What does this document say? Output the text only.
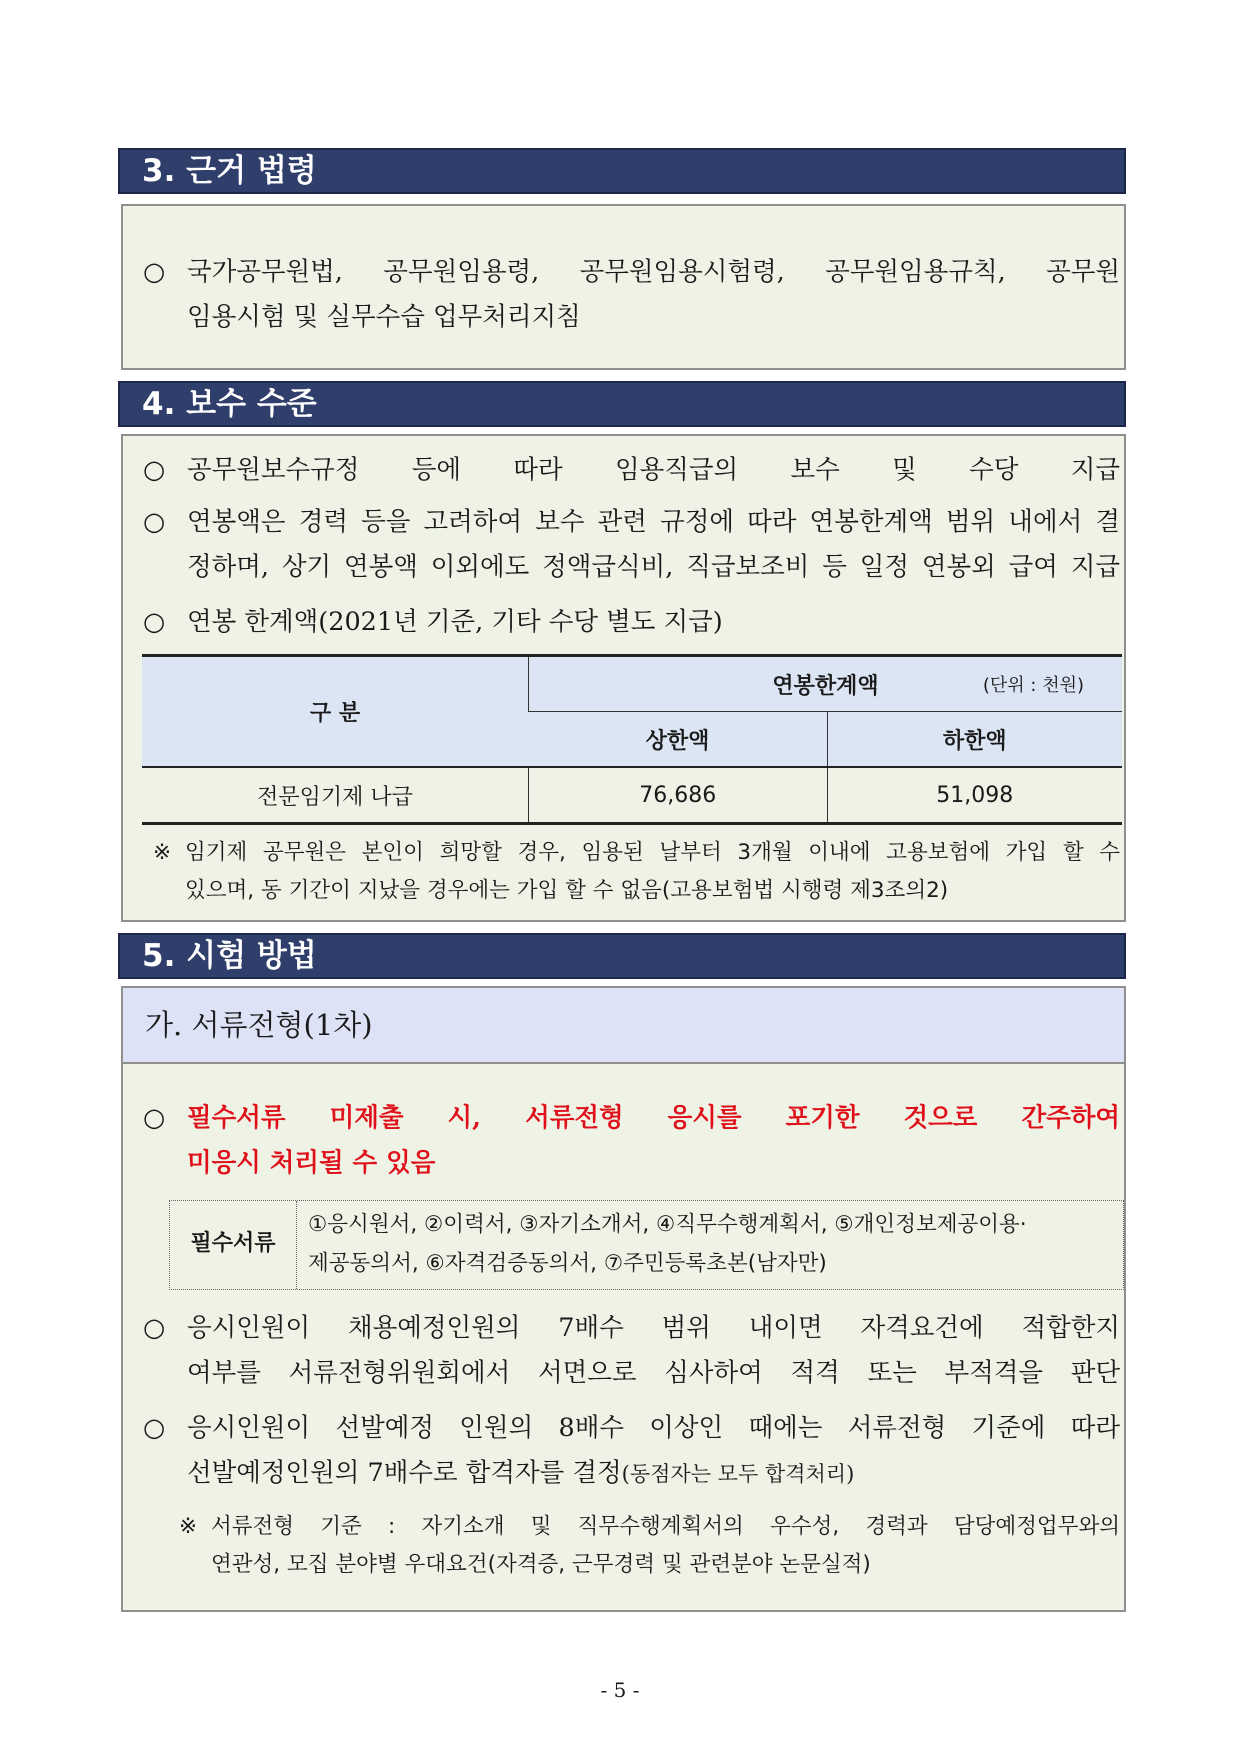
3. 근거 법령
○ 국가공무원법, 공무원임용령, 공무원임용시험령, 공무원임용규칙, 공무원
임용시험 및 실무수습 업무처리지침
4. 보수 수준
○ 공무원보수규정 등에 따라 임용직급의 보수 및 수당 지급
○ 연봉액은 경력 등을 고려하여 보수 관련 규정에 따라 연봉한계액 범위 내에서 결
정하며, 상기 연봉액 이외에도 정액급식비, 직급보조비 등 일정 연봉외 급여 지급
○ 연봉 한계액(2021년 기준, 기타 수당 별도 지급)
구 분	연봉한계액 (단위 : 천원)	

	상한액	하한액
전문임기제 나급	76,686	51,098
※ 임기제 공무원은 본인이 희망할 경우, 임용된 날부터 3개월 이내에 고용보험에 가입 할 수
있으며, 동 기간이 지났을 경우에는 가입 할 수 없음(고용보험법 시행령 제3조의2)
5. 시험 방법
가. 서류전형(1차)
○ 필수서류 미제출 시, 서류전형 응시를 포기한 것으로 간주하여
미응시 처리될 수 있음
필수서류
①응시원서, ②이력서, ③자기소개서, ④직무수행계획서, ⑤개인정보제공이용·
제공동의서, ⑥자격검증동의서, ⑦주민등록초본(남자만)
○ 응시인원이 채용예정인원의 7배수 범위 내이면 자격요건에 적합한지
여부를 서류전형위원회에서 서면으로 심사하여 적격 또는 부적격을 판단
○ 응시인원이 선발예정 인원의 8배수 이상인 때에는 서류전형 기준에 따라
선발예정인원의 7배수로 합격자를 결정(동점자는 모두 합격처리)
※ 서류전형 기준 : 자기소개 및 직무수행계획서의 우수성, 경력과 담당예정업무와의
연관성, 모집 분야별 우대요건(자격증, 근무경력 및 관련분야 논문실적)
- 5 -
